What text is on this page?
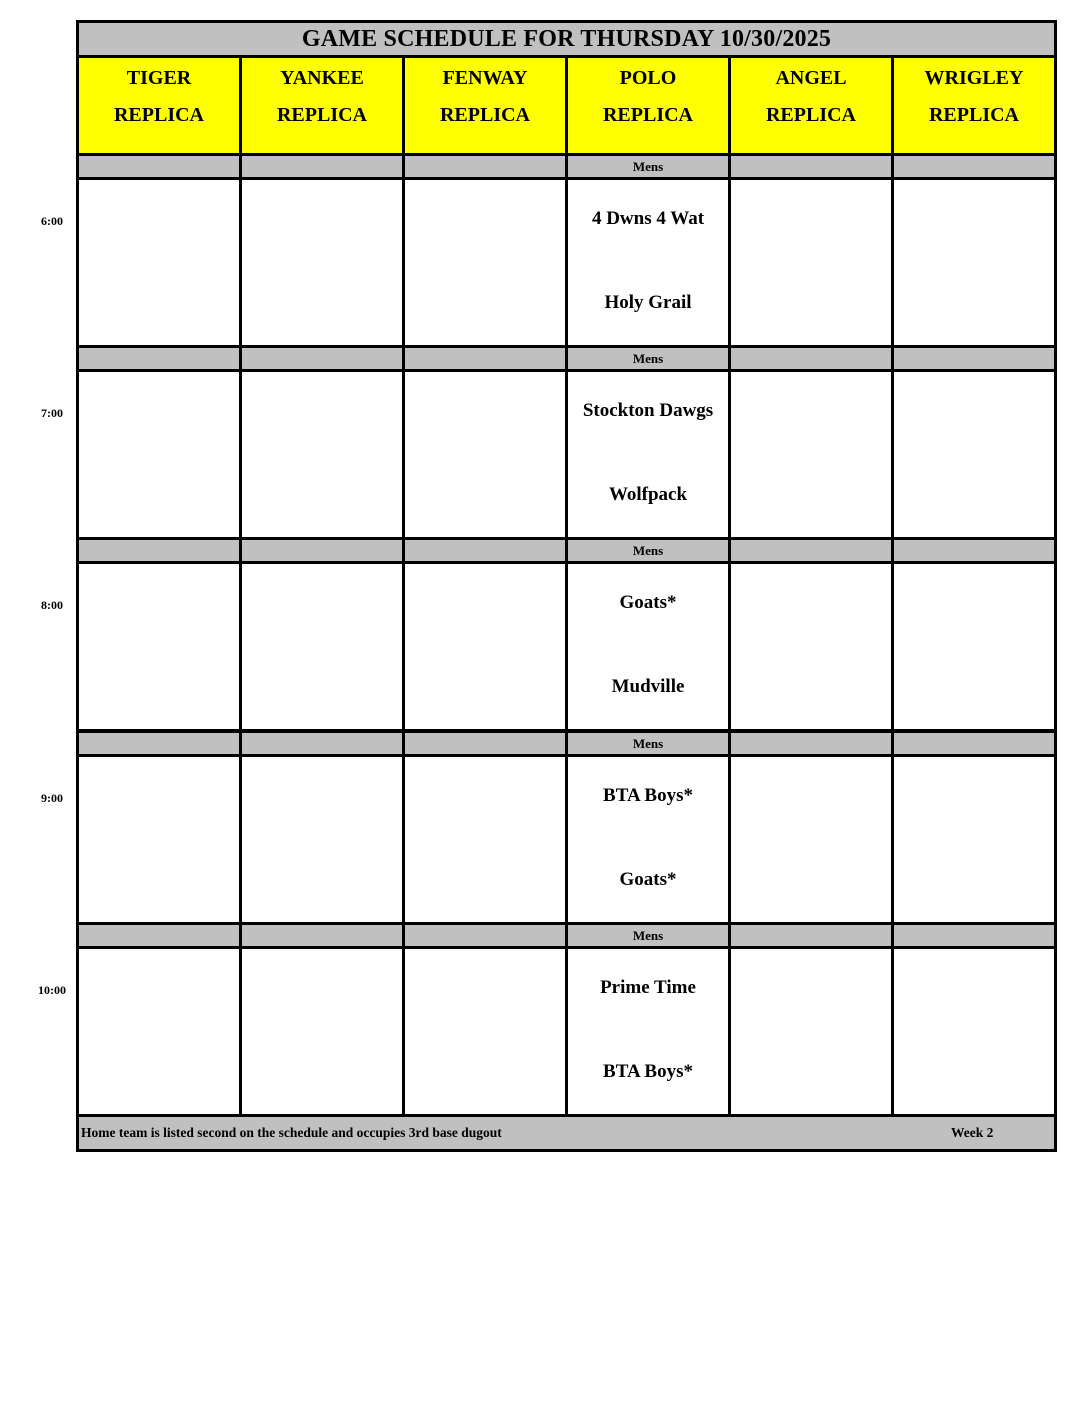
GAME SCHEDULE FOR THURSDAY 10/30/2025
TIGER
REPLICA
YANKEE
REPLICA
FENWAY
REPLICA
POLO
REPLICA
ANGEL
REPLICA
WRIGLEY
REPLICA
6:00
Mens
4 Dwns 4 Wat
Holy Grail
7:00
Mens
Stockton Dawgs
Wolfpack
8:00
Mens
Goats*
Mudville
9:00
Mens
BTA Boys*
Goats*
10:00
Mens
Prime Time
BTA Boys*
Home team is listed second on the schedule and occupies 3rd base dugout	Week 2
